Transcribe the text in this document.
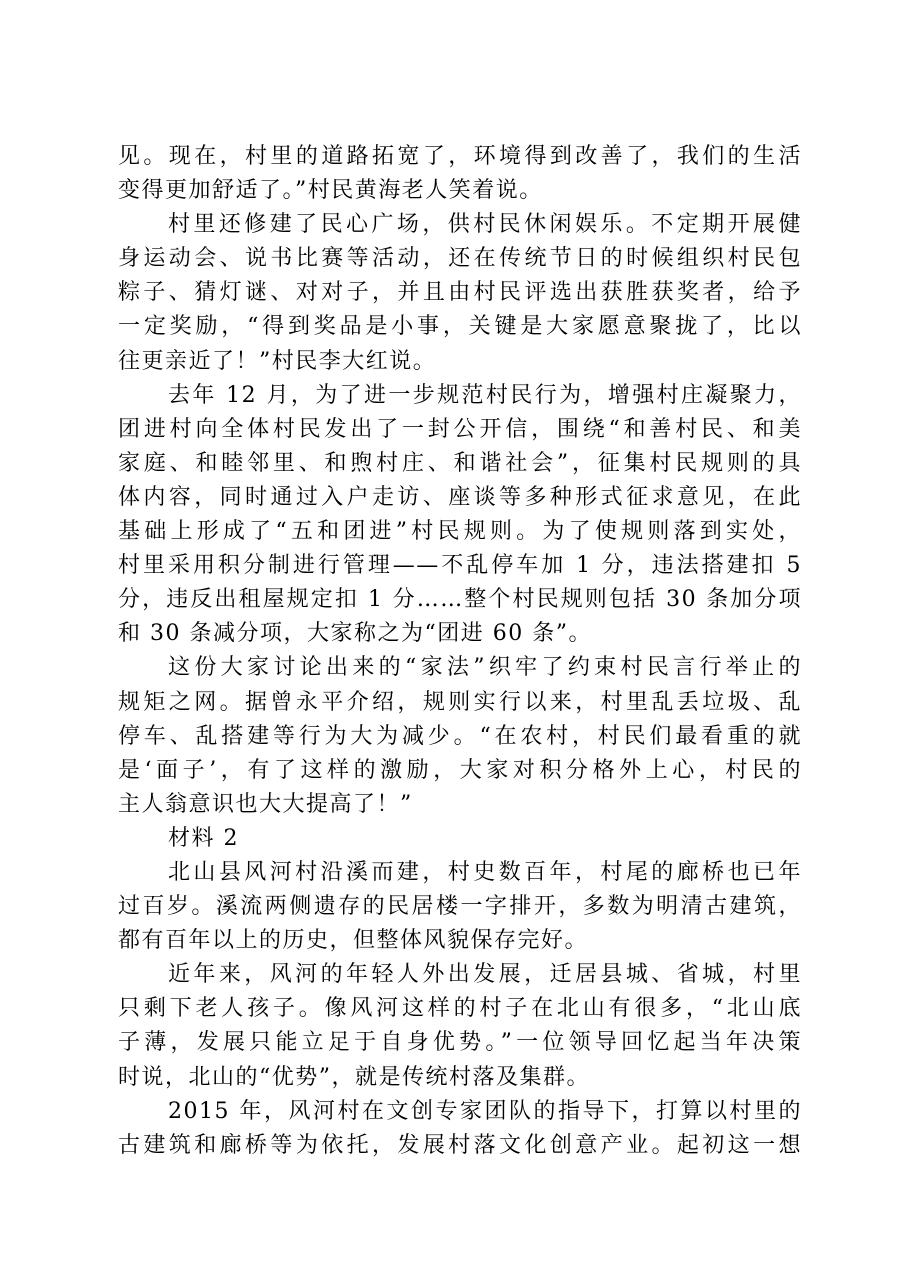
见。现在，村里的道路拓宽了，环境得到改善了，我们的生活
变得更加舒适了。”村民黄海老人笑着说。
村里还修建了民心广场，供村民休闲娱乐。不定期开展健
身运动会、说书比赛等活动，还在传统节日的时候组织村民包
粽子、猜灯谜、对对子，并且由村民评选出获胜获奖者，给予
一定奖励，“得到奖品是小事，关键是大家愿意聚拢了，比以
往更亲近了！”村民李大红说。
去年 12 月，为了进一步规范村民行为，增强村庄凝聚力，
团进村向全体村民发出了一封公开信，围绕“和善村民、和美
家庭、和睦邻里、和煦村庄、和谐社会”，征集村民规则的具
体内容，同时通过入户走访、座谈等多种形式征求意见，在此
基础上形成了“五和团进”村民规则。为了使规则落到实处，
村里采用积分制进行管理——不乱停车加 1 分，违法搭建扣 5
分，违反出租屋规定扣 1 分……整个村民规则包括 30 条加分项
和 30 条减分项，大家称之为“团进 60 条”。
这份大家讨论出来的“家法”织牢了约束村民言行举止的
规矩之网。据曾永平介绍，规则实行以来，村里乱丢垃圾、乱
停车、乱搭建等行为大为减少。“在农村，村民们最看重的就
是‘面子’，有了这样的激励，大家对积分格外上心，村民的
主人翁意识也大大提高了！”
材料 2
北山县风河村沿溪而建，村史数百年，村尾的廊桥也已年
过百岁。溪流两侧遗存的民居楼一字排开，多数为明清古建筑，
都有百年以上的历史，但整体风貌保存完好。
近年来，风河的年轻人外出发展，迁居县城、省城，村里
只剩下老人孩子。像风河这样的村子在北山有很多，“北山底
子薄，发展只能立足于自身优势。”一位领导回忆起当年决策
时说，北山的“优势”，就是传统村落及集群。
2015 年，风河村在文创专家团队的指导下，打算以村里的
古建筑和廊桥等为依托，发展村落文化创意产业。起初这一想
